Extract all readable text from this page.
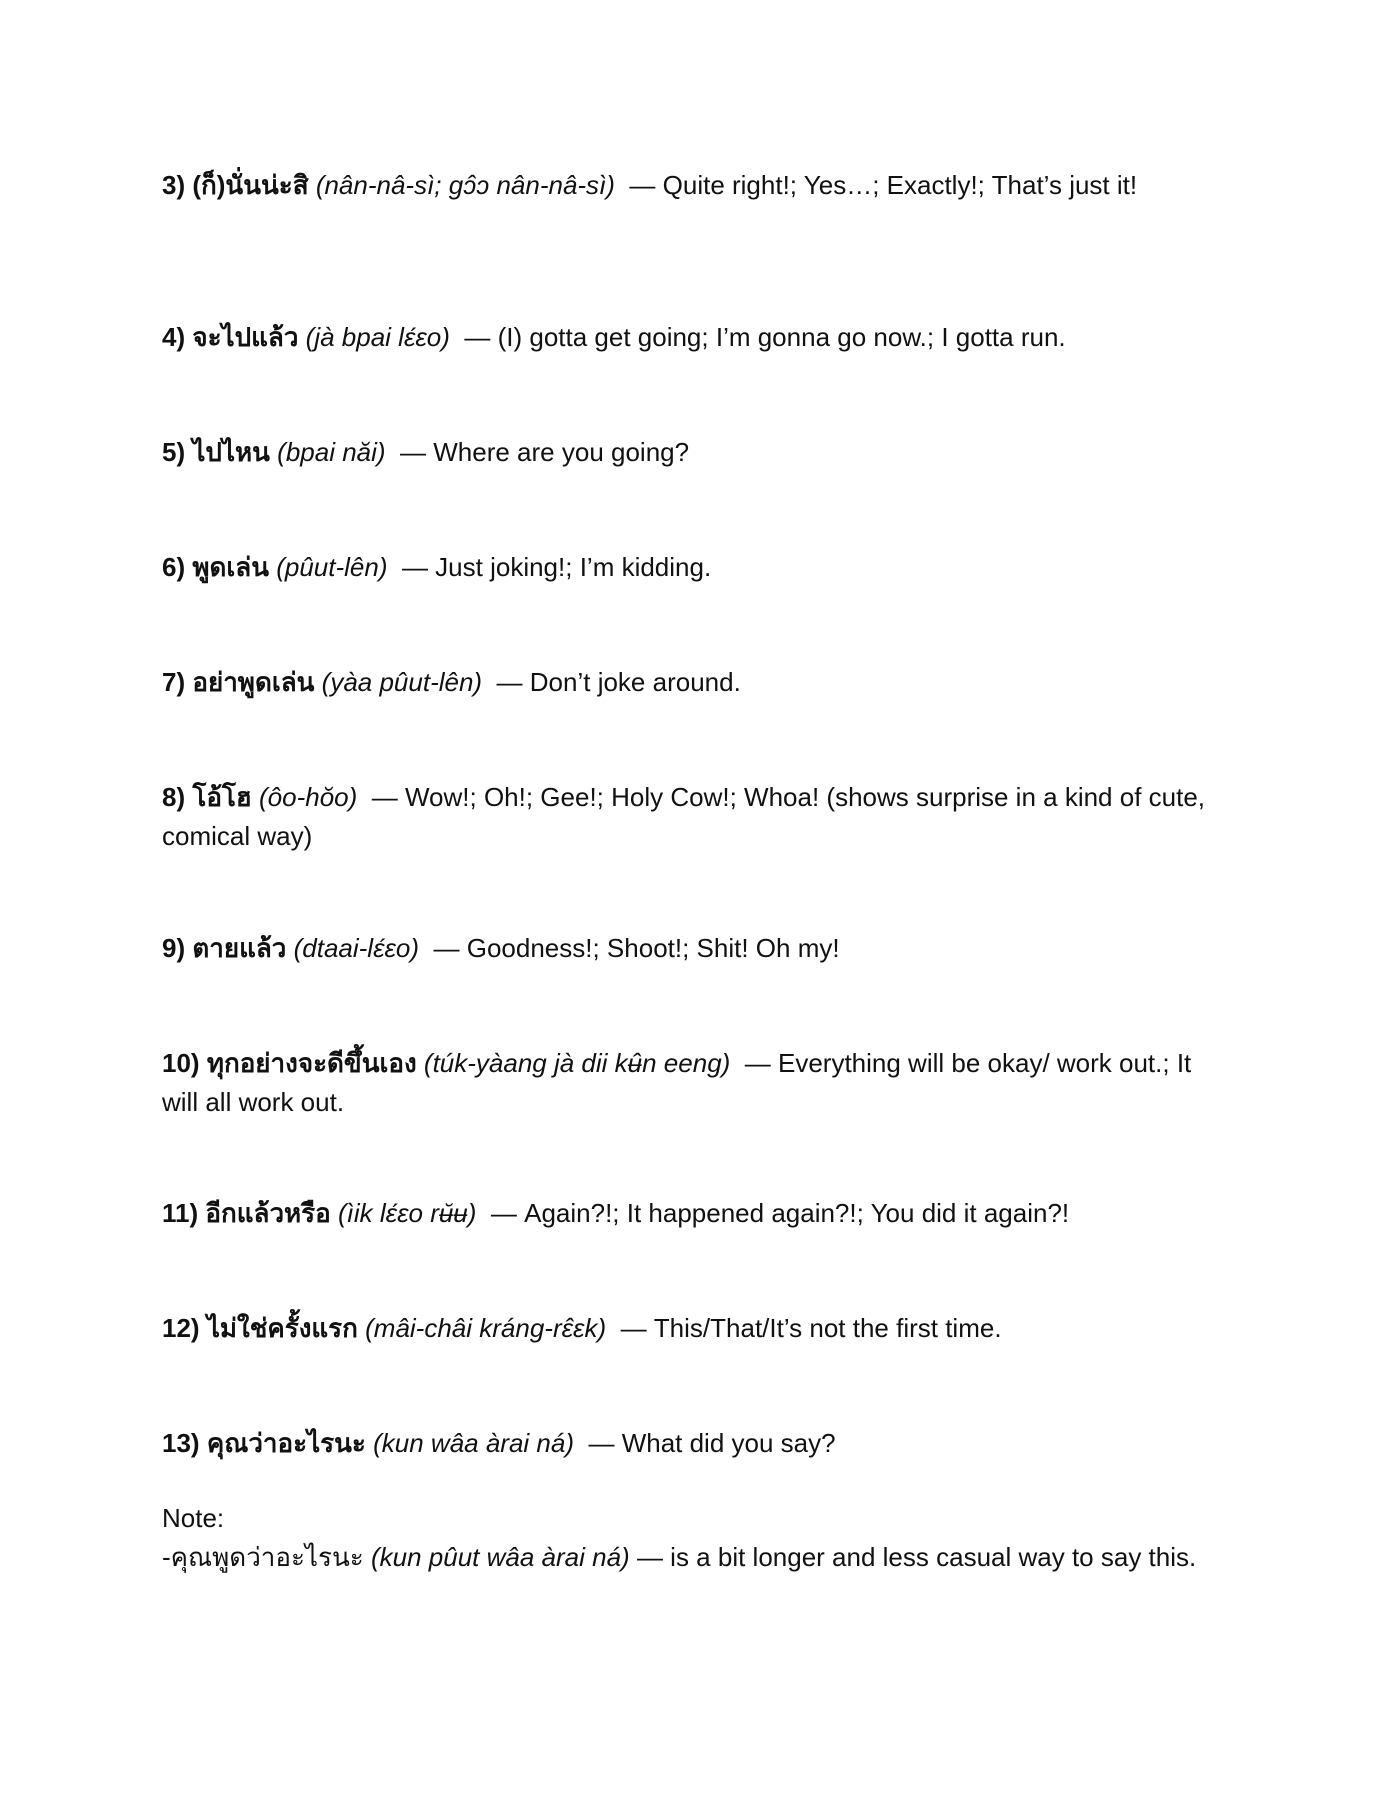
3) (ก็)นั่นน่ะสิ (nân-nâ-sì; gɔ̂ɔ nân-nâ-sì) — Quite right!; Yes…; Exactly!; That’s just it!
4) จะไปแล้ว (jà bpai lɛ́ɛo) — (I) gotta get going; I’m gonna go now.; I gotta run.
5) ไปไหน (bpai năi) — Where are you going?
6) พูดเล่น (pûut-lên) — Just joking!; I’m kidding.
7) อย่าพูดเล่น (yàa pûut-lên) — Don’t joke around.
8) โอ้โฮ (ôo-hŏo) — Wow!; Oh!; Gee!; Holy Cow!; Whoa! (shows surprise in a kind of cute, comical way)
9) ตายแล้ว (dtaai-lɛ́ɛo) — Goodness!; Shoot!; Shit! Oh my!
10) ทุกอย่างจะดีขึ้นเอง (túk-yàang jà dii kʉ̂n eeng) — Everything will be okay/ work out.; It will all work out.
11) อีกแล้วหรือ (ìik lɛ́ɛo rʉ̆ʉ) — Again?!; It happened again?!; You did it again?!
12) ไม่ใช่ครั้งแรก (mâi-châi kráng-rɛ̂ɛk) — This/That/It’s not the first time.
13) คุณว่าอะไรนะ (kun wâa àrai ná) — What did you say?
Note:
-คุณพูดว่าอะไรนะ (kun pûut wâa àrai ná) — is a bit longer and less casual way to say this.
